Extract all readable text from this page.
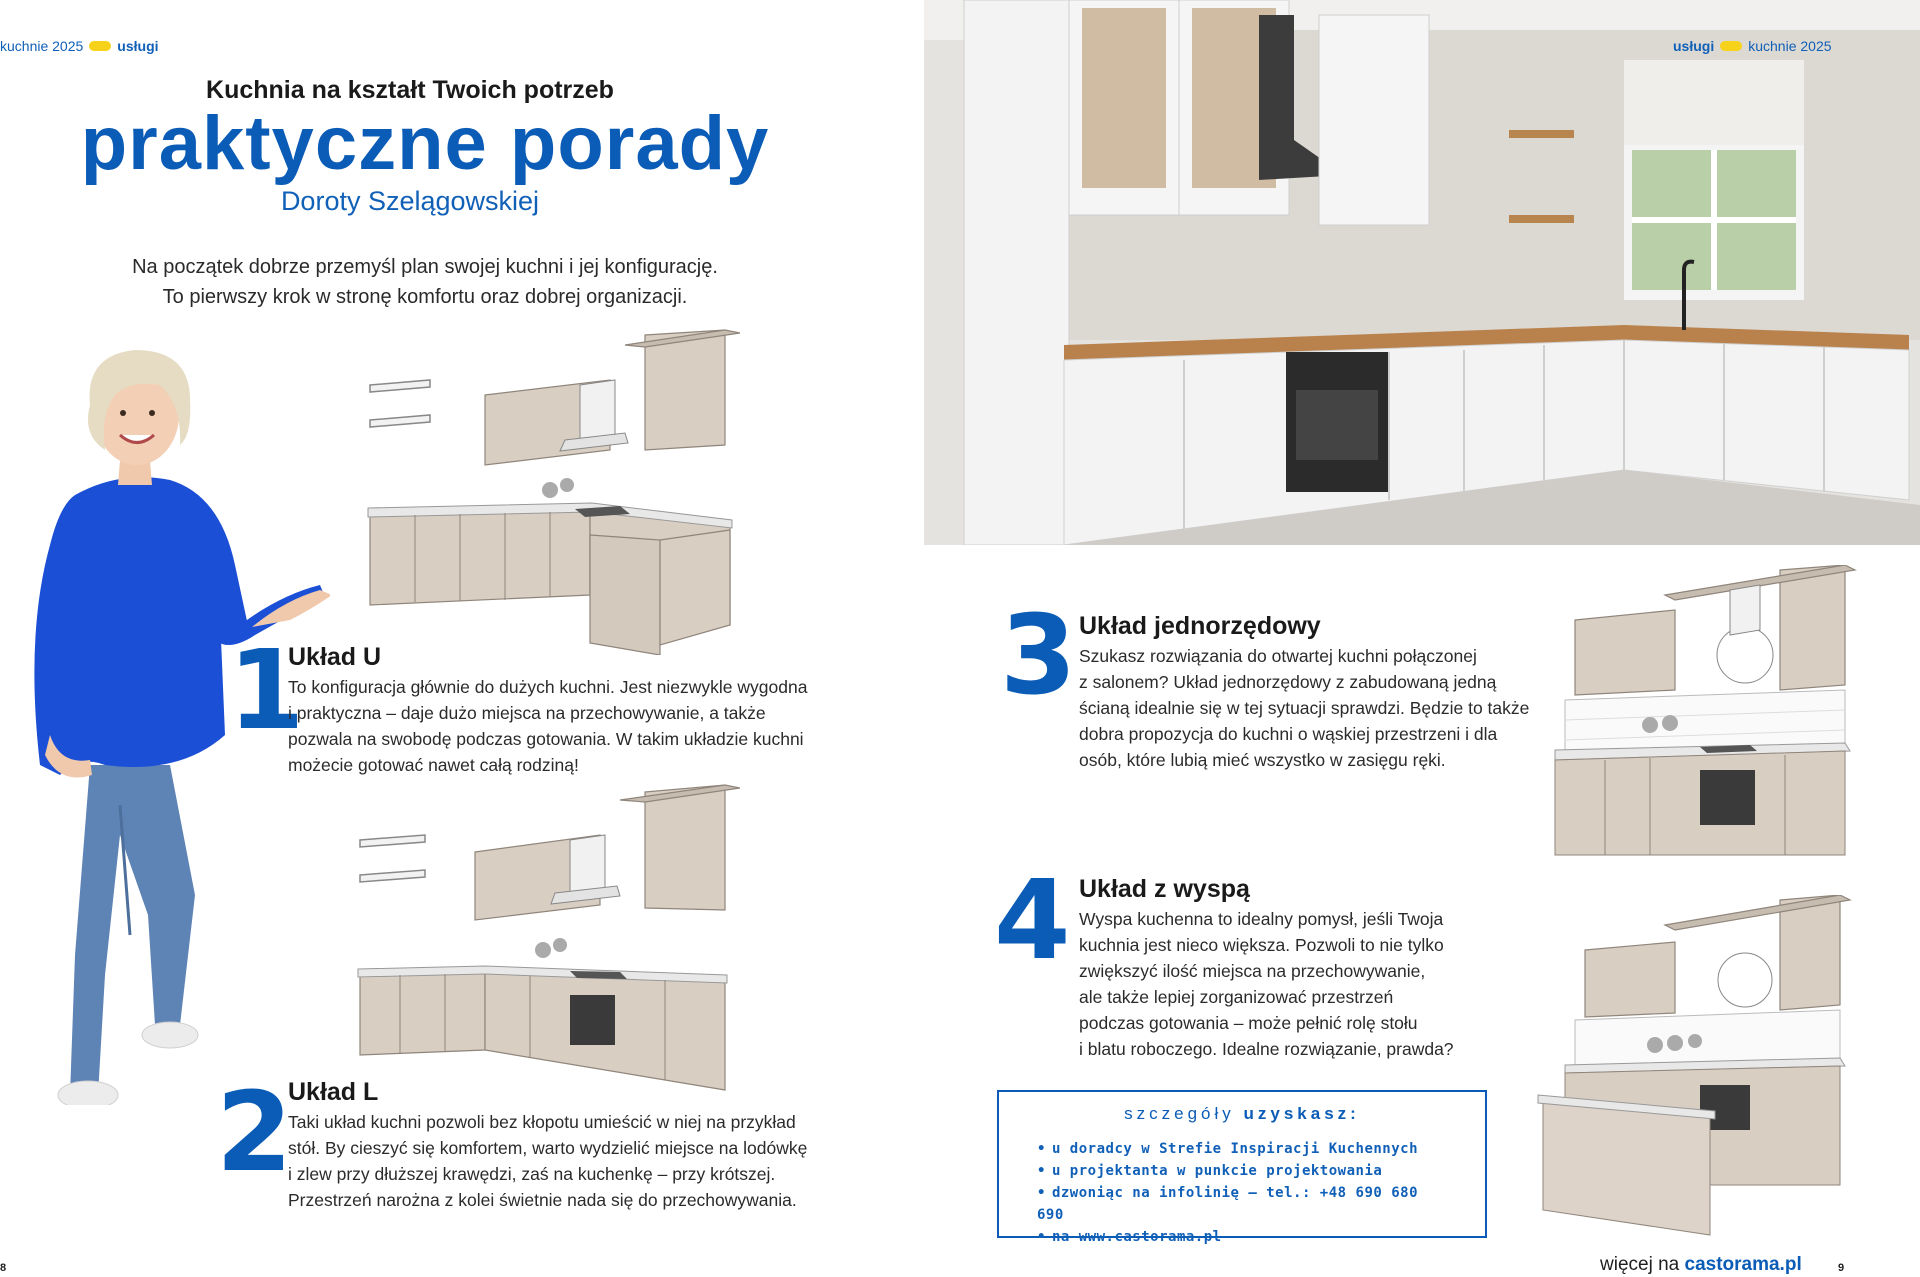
kuchnie 2025 usługi
Kuchnia na kształt Twoich potrzeb
praktyczne porady
Doroty Szelągowskiej
Na początek dobrze przemyśl plan swojej kuchni i jej konfigurację.
To pierwszy krok w stronę komfortu oraz dobrej organizacji.
1
Układ U
To konfiguracja głównie do dużych kuchni. Jest niezwykle wygodna
i praktyczna – daje dużo miejsca na przechowywanie, a także
pozwala na swobodę podczas gotowania. W takim układzie kuchni
możecie gotować nawet całą rodziną!
2
Układ L
Taki układ kuchni pozwoli bez kłopotu umieścić w niej na przykład
stół. By cieszyć się komfortem, warto wydzielić miejsce na lodówkę
i zlew przy dłuższej krawędzi, zaś na kuchenkę – przy krótszej.
Przestrzeń narożna z kolei świetnie nada się do przechowywania.
8
usługi kuchnie 2025
3 Układ jednorzędowy
Szukasz rozwiązania do otwartej kuchni połączonej
z salonem? Układ jednorzędowy z zabudowaną jedną
ścianą idealnie się w tej sytuacji sprawdzi. Będzie to także
dobra propozycja do kuchni o wąskiej przestrzeni i dla
osób, które lubią mieć wszystko w zasięgu ręki.
4 Układ z wyspą
Wyspa kuchenna to idealny pomysł, jeśli Twoja
kuchnia jest nieco większa. Pozwoli to nie tylko
zwiększyć ilość miejsca na przechowywanie,
ale także lepiej zorganizować przestrzeń
podczas gotowania – może pełnić rolę stołu
i blatu roboczego. Idealne rozwiązanie, prawda?
szczegóły uzyskasz:
• u doradcy w Strefie Inspiracji Kuchennych
• u projektanta w punkcie projektowania
• dzwoniąc na infolinię – tel.: +48 690 680 690
• na www.castorama.pl
więcej na castorama.pl	9
